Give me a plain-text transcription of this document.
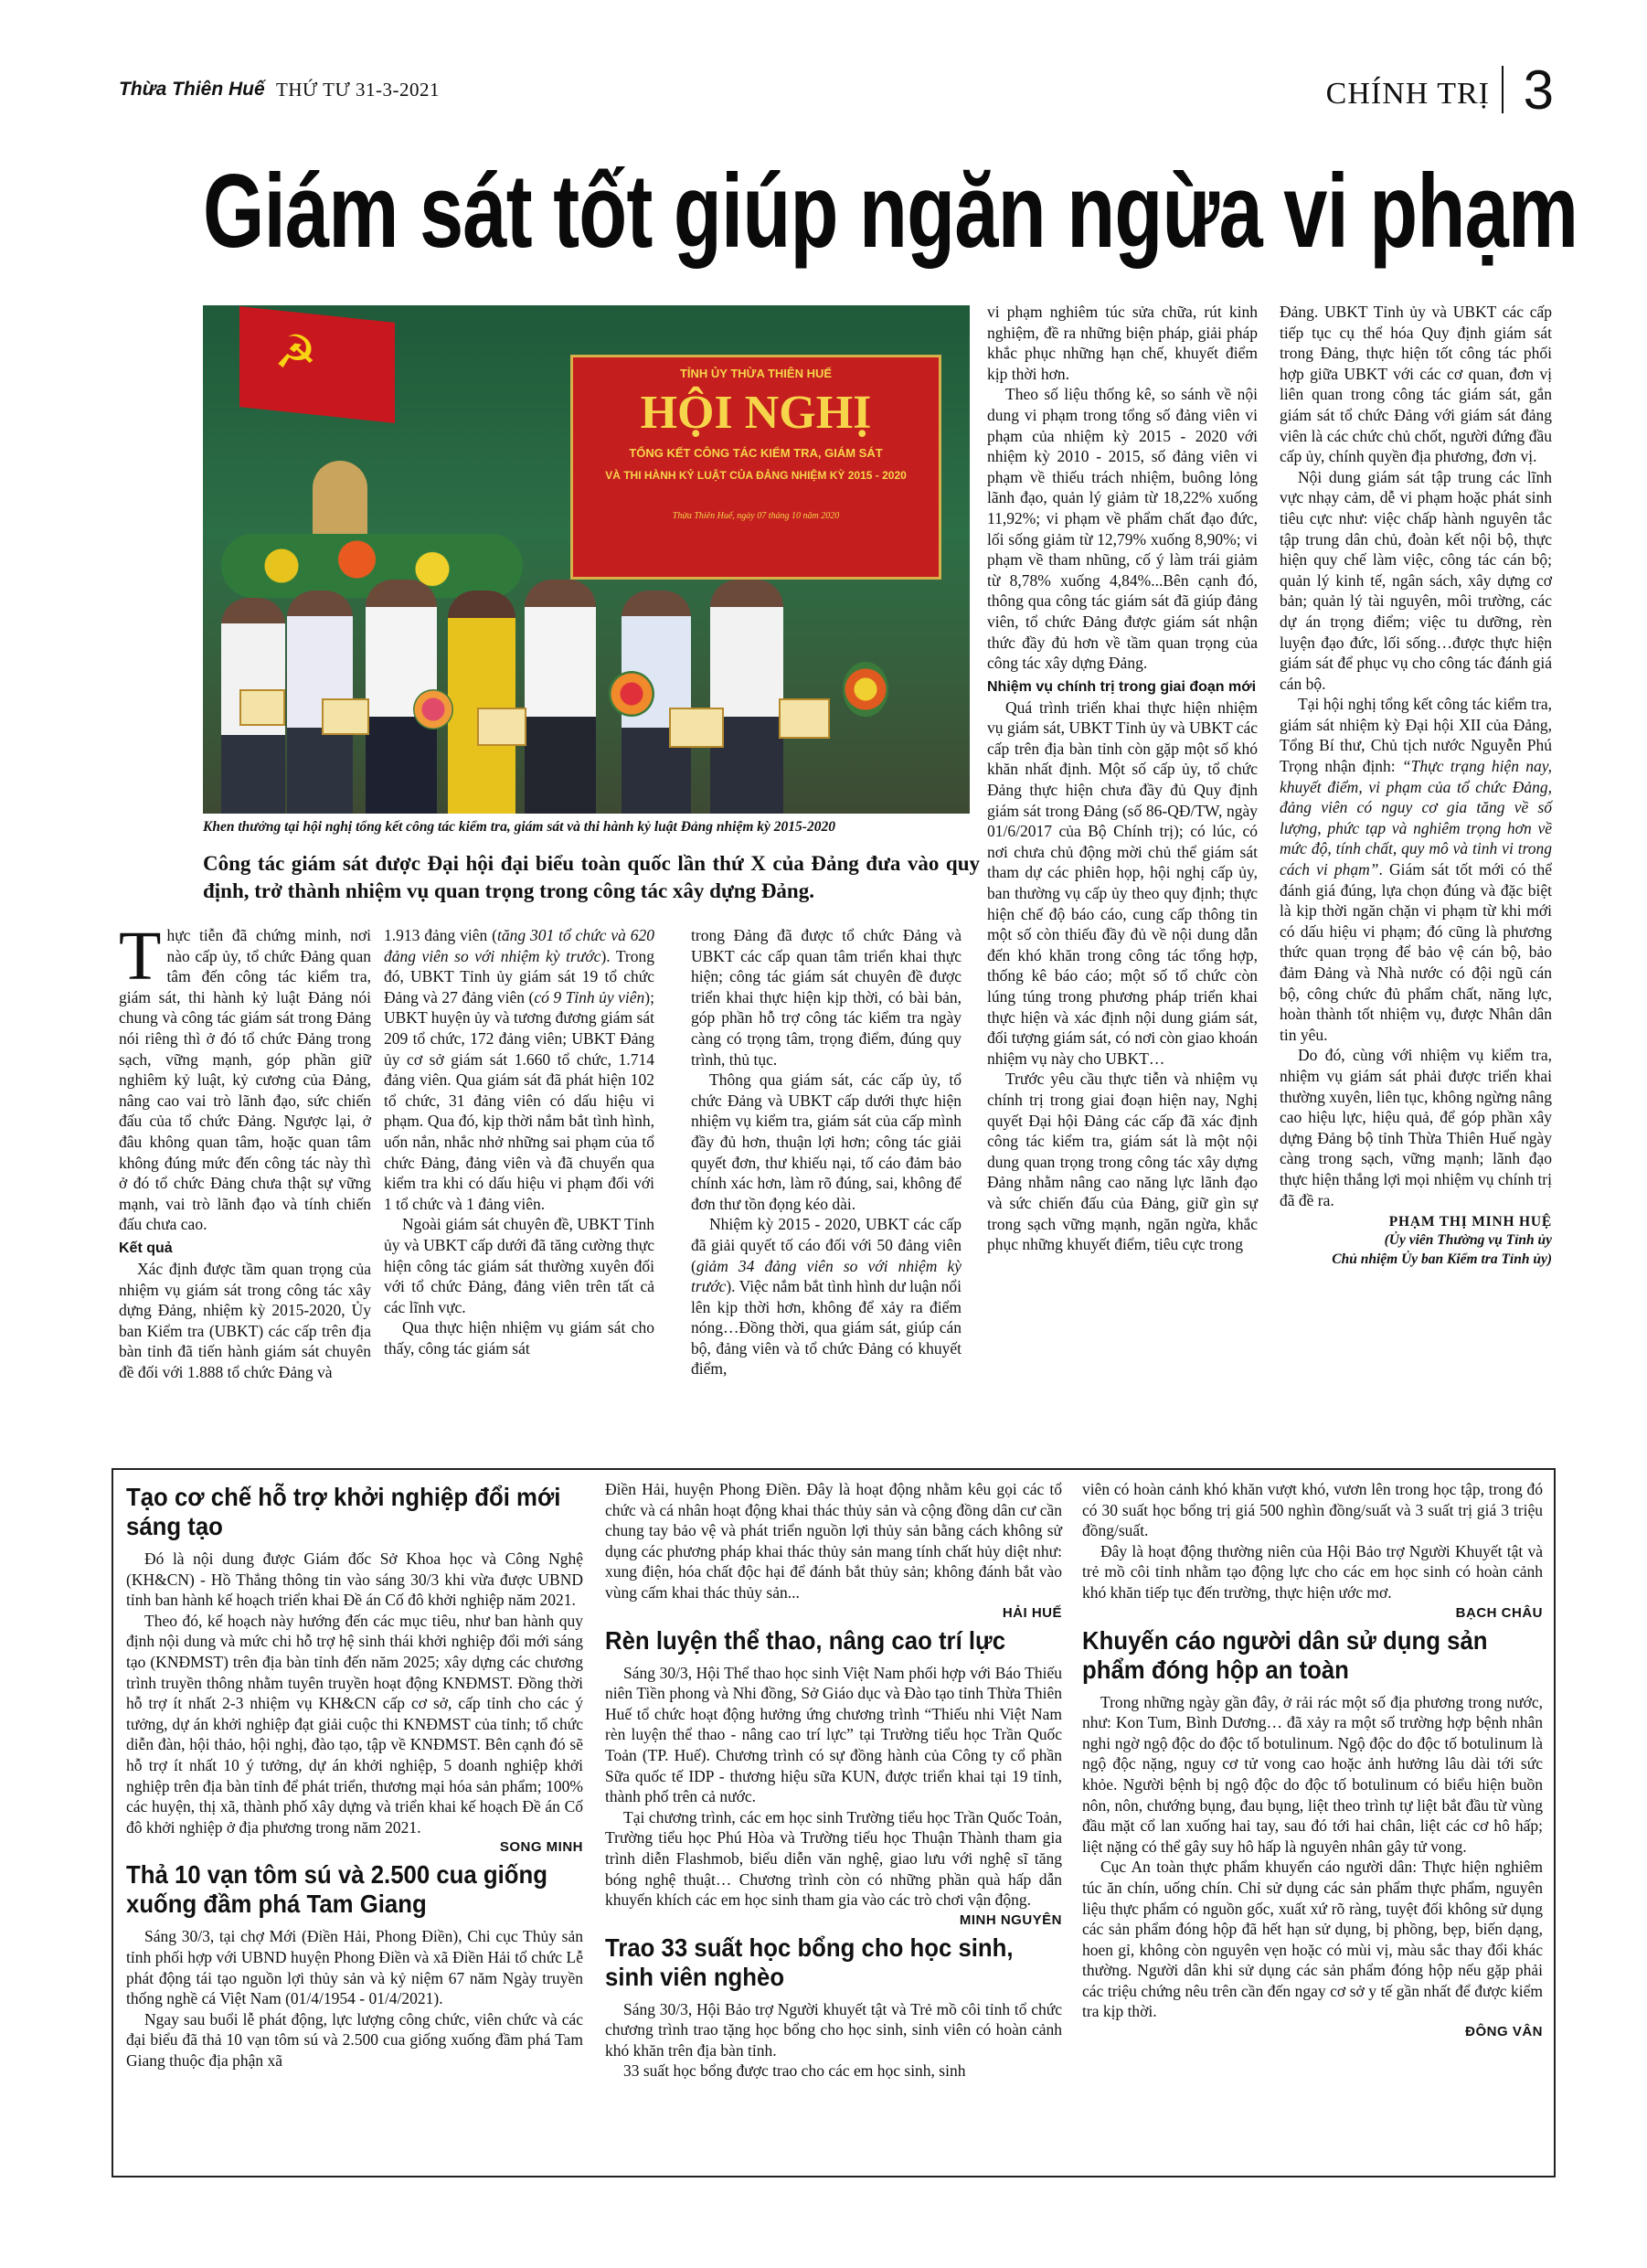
Thừa Thiên Huế THỨ TƯ 31-3-2021	CHÍNH TRỊ 3
Giám sát tốt giúp ngăn ngừa vi phạm
☭	TỈNH ỦY THỪA THIÊN HUẾ
HỘI NGHỊ
TỔNG KẾT CÔNG TÁC KIỂM TRA, GIÁM SÁT
VÀ THI HÀNH KỶ LUẬT CỦA ĐẢNG NHIỆM KỲ 2015 - 2020
Thừa Thiên Huế, ngày 07 tháng 10 năm 2020
Khen thưởng tại hội nghị tổng kết công tác kiểm tra, giám sát và thi hành kỷ luật Đảng nhiệm kỳ 2015-2020
Công tác giám sát được Đại hội đại biểu toàn quốc lần thứ X của Đảng đưa vào quy định, trở thành nhiệm vụ quan trọng trong công tác xây dựng Đảng.

Thực tiễn đã chứng minh, nơi nào cấp ủy, tổ chức Đảng quan tâm đến công tác kiểm tra, giám sát, thi hành kỷ luật Đảng nói chung và công tác giám sát trong Đảng nói riêng thì ở đó tổ chức Đảng trong sạch, vững mạnh, góp phần giữ nghiêm kỷ luật, kỷ cương của Đảng, nâng cao vai trò lãnh đạo, sức chiến đấu của tổ chức Đảng. Ngược lại, ở đâu không quan tâm, hoặc quan tâm không đúng mức đến công tác này thì ở đó tổ chức Đảng chưa thật sự vững mạnh, vai trò lãnh đạo và tính chiến đấu chưa cao.

Kết quả

Xác định được tầm quan trọng của nhiệm vụ giám sát trong công tác xây dựng Đảng, nhiệm kỳ 2015-2020, Ủy ban Kiểm tra (UBKT) các cấp trên địa bàn tỉnh đã tiến hành giám sát chuyên đề đối với 1.888 tổ chức Đảng và

1.913 đảng viên (tăng 301 tổ chức và 620 đảng viên so với nhiệm kỳ trước). Trong đó, UBKT Tỉnh ủy giám sát 19 tổ chức Đảng và 27 đảng viên (có 9 Tỉnh ủy viên); UBKT huyện ủy và tương đương giám sát 209 tổ chức, 172 đảng viên; UBKT Đảng ủy cơ sở giám sát 1.660 tổ chức, 1.714 đảng viên. Qua giám sát đã phát hiện 102 tổ chức, 31 đảng viên có dấu hiệu vi phạm. Qua đó, kịp thời nắm bắt tình hình, uốn nắn, nhắc nhở những sai phạm của tổ chức Đảng, đảng viên và đã chuyển qua kiểm tra khi có dấu hiệu vi phạm đối với 1 tổ chức và 1 đảng viên.

Ngoài giám sát chuyên đề, UBKT Tỉnh ủy và UBKT cấp dưới đã tăng cường thực hiện công tác giám sát thường xuyên đối với tổ chức Đảng, đảng viên trên tất cả các lĩnh vực.

Qua thực hiện nhiệm vụ giám sát cho thấy, công tác giám sát

trong Đảng đã được tổ chức Đảng và UBKT các cấp quan tâm triển khai thực hiện; công tác giám sát chuyên đề được triển khai thực hiện kịp thời, có bài bản, góp phần hỗ trợ công tác kiểm tra ngày càng có trọng tâm, trọng điểm, đúng quy trình, thủ tục.

Thông qua giám sát, các cấp ủy, tổ chức Đảng và UBKT cấp dưới thực hiện nhiệm vụ kiểm tra, giám sát của cấp mình đầy đủ hơn, thuận lợi hơn; công tác giải quyết đơn, thư khiếu nại, tố cáo đảm bảo chính xác hơn, làm rõ đúng, sai, không để đơn thư tồn đọng kéo dài.

Nhiệm kỳ 2015 - 2020, UBKT các cấp đã giải quyết tố cáo đối với 50 đảng viên (giảm 34 đảng viên so với nhiệm kỳ trước). Việc nắm bắt tình hình dư luận nổi lên kịp thời hơn, không để xảy ra điểm nóng…Đồng thời, qua giám sát, giúp cán bộ, đảng viên và tổ chức Đảng có khuyết điểm,

vi phạm nghiêm túc sửa chữa, rút kinh nghiệm, đề ra những biện pháp, giải pháp khắc phục những hạn chế, khuyết điểm kịp thời hơn.

Theo số liệu thống kê, so sánh về nội dung vi phạm trong tổng số đảng viên vi phạm của nhiệm kỳ 2015 - 2020 với nhiệm kỳ 2010 - 2015, số đảng viên vi phạm về thiếu trách nhiệm, buông lỏng lãnh đạo, quản lý giảm từ 18,22% xuống 11,92%; vi phạm về phẩm chất đạo đức, lối sống giảm từ 12,79% xuống 8,90%; vi phạm về tham nhũng, cố ý làm trái giảm từ 8,78% xuống 4,84%...Bên cạnh đó, thông qua công tác giám sát đã giúp đảng viên, tổ chức Đảng được giám sát nhận thức đầy đủ hơn về tầm quan trọng của công tác xây dựng Đảng.

Nhiệm vụ chính trị trong giai đoạn mới

Quá trình triển khai thực hiện nhiệm vụ giám sát, UBKT Tỉnh ủy và UBKT các cấp trên địa bàn tỉnh còn gặp một số khó khăn nhất định. Một số cấp ủy, tổ chức Đảng thực hiện chưa đầy đủ Quy định giám sát trong Đảng (số 86-QĐ/TW, ngày 01/6/2017 của Bộ Chính trị); có lúc, có nơi chưa chủ động mời chủ thể giám sát tham dự các phiên họp, hội nghị cấp ủy, ban thường vụ cấp ủy theo quy định; thực hiện chế độ báo cáo, cung cấp thông tin một số còn thiếu đầy đủ về nội dung dẫn đến khó khăn trong công tác tổng hợp, thống kê báo cáo; một số tổ chức còn lúng túng trong phương pháp triển khai thực hiện và xác định nội dung giám sát, đối tượng giám sát, có nơi còn giao khoán nhiệm vụ này cho UBKT…

Trước yêu cầu thực tiễn và nhiệm vụ chính trị trong giai đoạn hiện nay, Nghị quyết Đại hội Đảng các cấp đã xác định công tác kiểm tra, giám sát là một nội dung quan trọng trong công tác xây dựng Đảng nhằm nâng cao năng lực lãnh đạo và sức chiến đấu của Đảng, giữ gìn sự trong sạch vững mạnh, ngăn ngừa, khắc phục những khuyết điểm, tiêu cực trong

Đảng. UBKT Tỉnh ủy và UBKT các cấp tiếp tục cụ thể hóa Quy định giám sát trong Đảng, thực hiện tốt công tác phối hợp giữa UBKT với các cơ quan, đơn vị liên quan trong công tác giám sát, gắn giám sát tổ chức Đảng với giám sát đảng viên là các chức chủ chốt, người đứng đầu cấp ủy, chính quyền địa phương, đơn vị.

Nội dung giám sát tập trung các lĩnh vực nhạy cảm, dễ vi phạm hoặc phát sinh tiêu cực như: việc chấp hành nguyên tắc tập trung dân chủ, đoàn kết nội bộ, thực hiện quy chế làm việc, công tác cán bộ; quản lý kinh tế, ngân sách, xây dựng cơ bản; quản lý tài nguyên, môi trường, các dự án trọng điểm; việc tu dưỡng, rèn luyện đạo đức, lối sống…được thực hiện giám sát để phục vụ cho công tác đánh giá cán bộ.

Tại hội nghị tổng kết công tác kiểm tra, giám sát nhiệm kỳ Đại hội XII của Đảng, Tổng Bí thư, Chủ tịch nước Nguyễn Phú Trọng nhận định: “Thực trạng hiện nay, khuyết điểm, vi phạm của tổ chức Đảng, đảng viên có nguy cơ gia tăng về số lượng, phức tạp và nghiêm trọng hơn về mức độ, tính chất, quy mô và tinh vi trong cách vi phạm”. Giám sát tốt mới có thể đánh giá đúng, lựa chọn đúng và đặc biệt là kịp thời ngăn chặn vi phạm từ khi mới có dấu hiệu vi phạm; đó cũng là phương thức quan trọng để bảo vệ cán bộ, bảo đảm Đảng và Nhà nước có đội ngũ cán bộ, công chức đủ phẩm chất, năng lực, hoàn thành tốt nhiệm vụ, được Nhân dân tin yêu.

Do đó, cùng với nhiệm vụ kiểm tra, nhiệm vụ giám sát phải được triển khai thường xuyên, liên tục, không ngừng nâng cao hiệu lực, hiệu quả, để góp phần xây dựng Đảng bộ tỉnh Thừa Thiên Huế ngày càng trong sạch, vững mạnh; lãnh đạo thực hiện thắng lợi mọi nhiệm vụ chính trị đã đề ra.

PHẠM THỊ MINH HUỆ
(Ủy viên Thường vụ Tỉnh ủy
Chủ nhiệm Ủy ban Kiểm tra Tỉnh ủy)
Tạo cơ chế hỗ trợ khởi nghiệp đổi mới sáng tạo

Đó là nội dung được Giám đốc Sở Khoa học và Công Nghệ (KH&CN) - Hồ Thắng thông tin vào sáng 30/3 khi vừa được UBND tỉnh ban hành kế hoạch triển khai Đề án Cố đô khởi nghiệp năm 2021.

Theo đó, kế hoạch này hướng đến các mục tiêu, như ban hành quy định nội dung và mức chi hỗ trợ hệ sinh thái khởi nghiệp đổi mới sáng tạo (KNĐMST) trên địa bàn tỉnh đến năm 2025; xây dựng các chương trình truyền thông nhằm tuyên truyền hoạt động KNĐMST. Đồng thời hỗ trợ ít nhất 2-3 nhiệm vụ KH&CN cấp cơ sở, cấp tỉnh cho các ý tưởng, dự án khởi nghiệp đạt giải cuộc thi KNĐMST của tỉnh; tổ chức diễn đàn, hội thảo, hội nghị, đào tạo, tập về KNĐMST. Bên cạnh đó sẽ hỗ trợ ít nhất 10 ý tưởng, dự án khởi nghiệp, 5 doanh nghiệp khởi nghiệp trên địa bàn tỉnh để phát triển, thương mại hóa sản phẩm; 100% các huyện, thị xã, thành phố xây dựng và triển khai kế hoạch Đề án Cố đô khởi nghiệp ở địa phương trong năm 2021.

SONG MINH
Thả 10 vạn tôm sú và 2.500 cua giống xuống đầm phá Tam Giang

Sáng 30/3, tại chợ Mới (Điền Hải, Phong Điền), Chi cục Thủy sản tỉnh phối hợp với UBND huyện Phong Điền và xã Điền Hải tổ chức Lễ phát động tái tạo nguồn lợi thủy sản và kỷ niệm 67 năm Ngày truyền thống nghề cá Việt Nam (01/4/1954 - 01/4/2021).

Ngay sau buổi lễ phát động, lực lượng công chức, viên chức và các đại biểu đã thả 10 vạn tôm sú và 2.500 cua giống xuống đầm phá Tam Giang thuộc địa phận xã

Điền Hải, huyện Phong Điền. Đây là hoạt động nhằm kêu gọi các tổ chức và cá nhân hoạt động khai thác thủy sản và cộng đồng dân cư cần chung tay bảo vệ và phát triển nguồn lợi thủy sản bằng cách không sử dụng các phương pháp khai thác thủy sản mang tính chất hủy diệt như: xung điện, hóa chất độc hại để đánh bắt thủy sản; không đánh bắt vào vùng cấm khai thác thủy sản...

HẢI HUẾ
Rèn luyện thể thao, nâng cao trí lực

Sáng 30/3, Hội Thể thao học sinh Việt Nam phối hợp với Báo Thiếu niên Tiền phong và Nhi đồng, Sở Giáo dục và Đào tạo tỉnh Thừa Thiên Huế tổ chức hoạt động hưởng ứng chương trình “Thiếu nhi Việt Nam rèn luyện thể thao - nâng cao trí lực” tại Trường tiểu học Trần Quốc Toản (TP. Huế). Chương trình có sự đồng hành của Công ty cổ phần Sữa quốc tế IDP - thương hiệu sữa KUN, được triển khai tại 19 tỉnh, thành phố trên cả nước.

Tại chương trình, các em học sinh Trường tiểu học Trần Quốc Toản, Trường tiểu học Phú Hòa và Trường tiểu học Thuận Thành tham gia trình diễn Flashmob, biểu diễn văn nghệ, giao lưu với nghệ sĩ tăng bóng nghệ thuật… Chương trình còn có những phần quà hấp dẫn khuyến khích các em học sinh tham gia vào các trò chơi vận động.

MINH NGUYÊN
Trao 33 suất học bổng cho học sinh, sinh viên nghèo

Sáng 30/3, Hội Bảo trợ Người khuyết tật và Trẻ mồ côi tỉnh tổ chức chương trình trao tặng học bổng cho học sinh, sinh viên có hoàn cảnh khó khăn trên địa bàn tỉnh.

33 suất học bổng được trao cho các em học sinh, sinh

viên có hoàn cảnh khó khăn vượt khó, vươn lên trong học tập, trong đó có 30 suất học bổng trị giá 500 nghìn đồng/suất và 3 suất trị giá 3 triệu đồng/suất.

Đây là hoạt động thường niên của Hội Bảo trợ Người Khuyết tật và trẻ mồ côi tỉnh nhằm tạo động lực cho các em học sinh có hoàn cảnh khó khăn tiếp tục đến trường, thực hiện ước mơ.

BẠCH CHÂU
Khuyến cáo người dân sử dụng sản phẩm đóng hộp an toàn

Trong những ngày gần đây, ở rải rác một số địa phương trong nước, như: Kon Tum, Bình Dương… đã xảy ra một số trường hợp bệnh nhân nghi ngờ ngộ độc do độc tố botulinum. Ngộ độc do độc tố botulinum là ngộ độc nặng, nguy cơ tử vong cao hoặc ảnh hưởng lâu dài tới sức khỏe. Người bệnh bị ngộ độc do độc tố botulinum có biểu hiện buồn nôn, nôn, chướng bụng, đau bụng, liệt theo trình tự liệt bắt đầu từ vùng đầu mặt cổ lan xuống hai tay, sau đó tới hai chân, liệt các cơ hô hấp; liệt nặng có thể gây suy hô hấp là nguyên nhân gây tử vong.

Cục An toàn thực phẩm khuyến cáo người dân: Thực hiện nghiêm túc ăn chín, uống chín. Chỉ sử dụng các sản phẩm thực phẩm, nguyên liệu thực phẩm có nguồn gốc, xuất xứ rõ ràng, tuyệt đối không sử dụng các sản phẩm đóng hộp đã hết hạn sử dụng, bị phồng, bẹp, biến dạng, hoen gỉ, không còn nguyên vẹn hoặc có mùi vị, màu sắc thay đổi khác thường. Người dân khi sử dụng các sản phẩm đóng hộp nếu gặp phải các triệu chứng nêu trên cần đến ngay cơ sở y tế gần nhất để được kiểm tra kịp thời.

ĐÔNG VÂN
